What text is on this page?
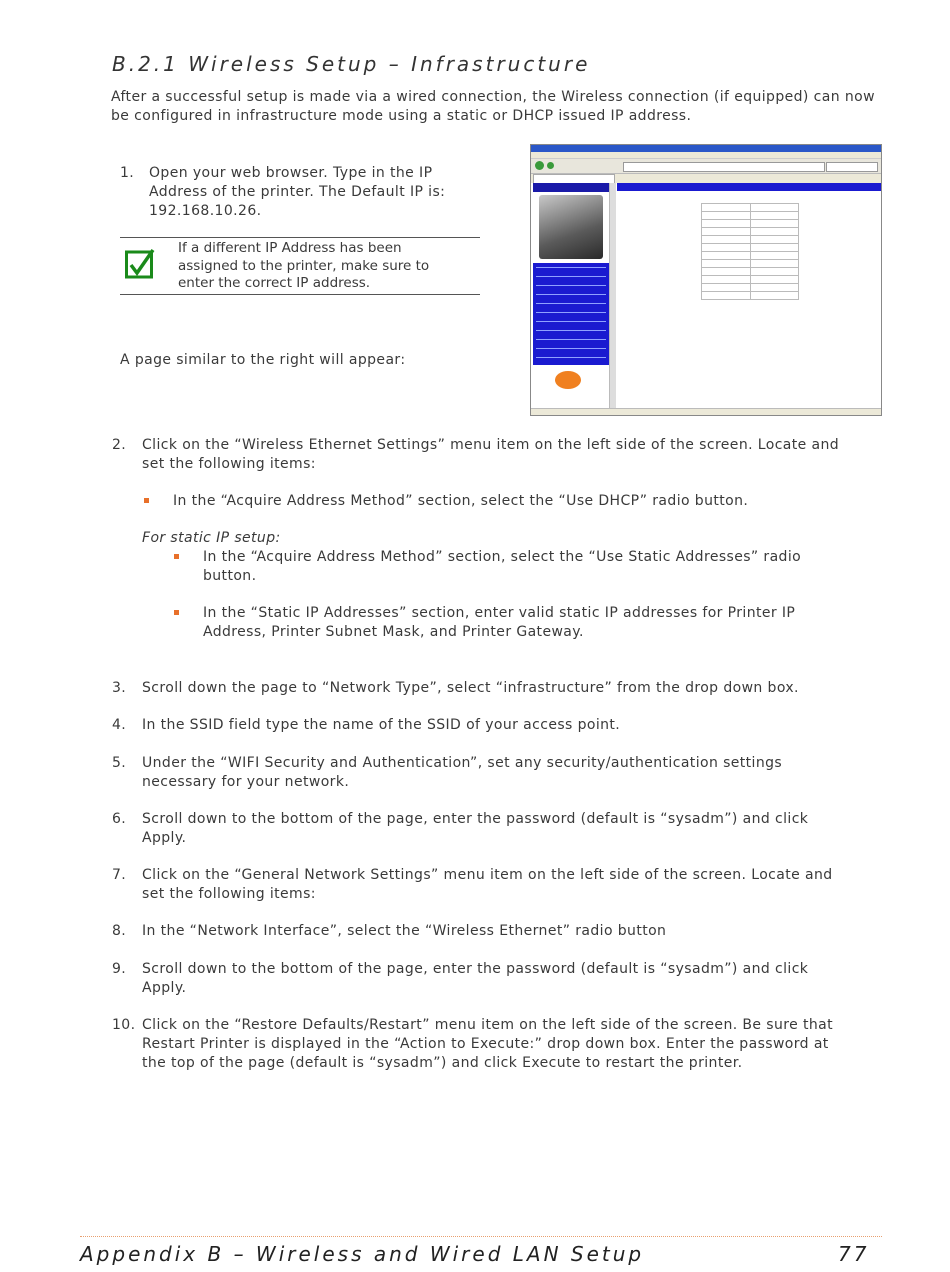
B.2.1 Wireless Setup – Infrastructure
After a successful setup is made via a wired connection, the Wireless connection (if equipped) can now be configured in infrastructure mode using a static or DHCP issued IP address.
1. Open your web browser. Type in the IP
Address of the printer. The Default IP is:
192.168.10.26.
If a different IP Address has been
assigned to the printer, make sure to
enter the correct IP address.
A page similar to the right will appear:

2. Click on the “Wireless Ethernet Settings” menu item on the left side of the screen. Locate and
set the following items:
In the “Acquire Address Method” section, select the “Use DHCP” radio button.
For static IP setup:
In the “Acquire Address Method” section, select the “Use Static Addresses” radio
button.
In the “Static IP Addresses” section, enter valid static IP addresses for Printer IP
Address, Printer Subnet Mask, and Printer Gateway.
3. Scroll down the page to “Network Type”, select “infrastructure” from the drop down box.
4. In the SSID field type the name of the SSID of your access point.
5. Under the “WIFI Security and Authentication”, set any security/authentication settings
necessary for your network.
6. Scroll down to the bottom of the page, enter the password (default is “sysadm”) and click
Apply.
7. Click on the “General Network Settings” menu item on the left side of the screen. Locate and
set the following items:
8. In the “Network Interface”, select the “Wireless Ethernet” radio button
9. Scroll down to the bottom of the page, enter the password (default is “sysadm”) and click
Apply.
10. Click on the “Restore Defaults/Restart” menu item on the left side of the screen. Be sure that
Restart Printer is displayed in the “Action to Execute:” drop down box. Enter the password at
the top of the page (default is “sysadm”) and click Execute to restart the printer.
Appendix B – Wireless and Wired LAN Setup	77
